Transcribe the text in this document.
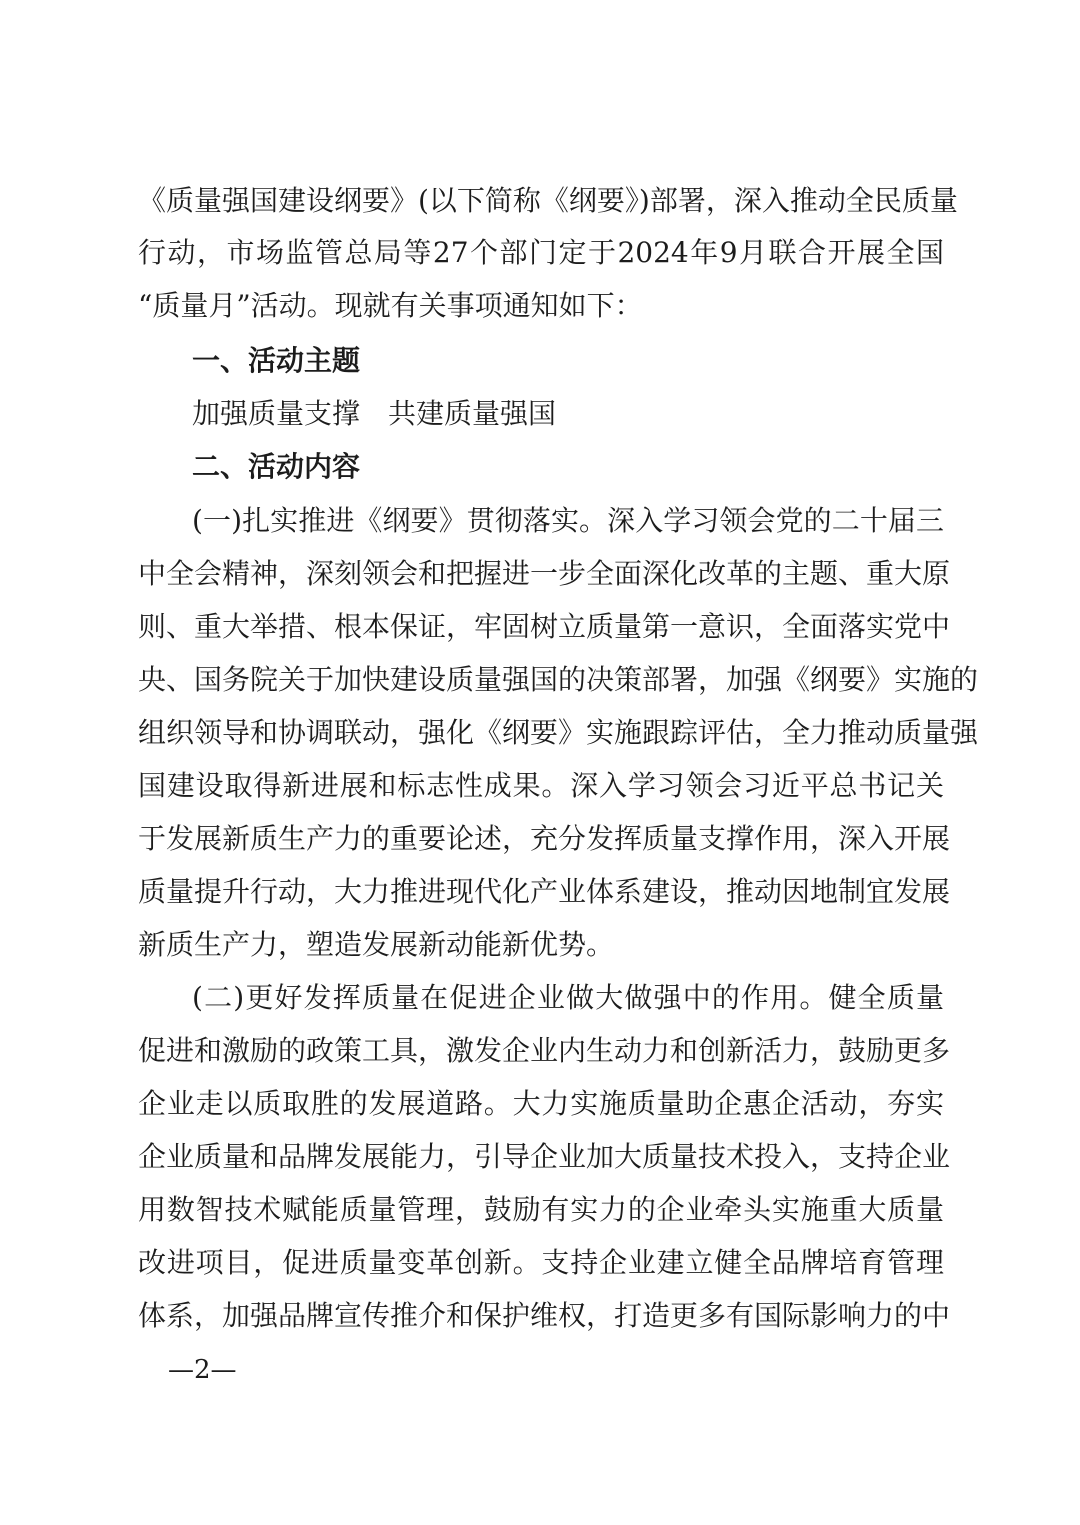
《质量强国建设纲要》(以下简称《纲要》)部署，深入推动全民质量
行动，市场监管总局等27个部门定于2024年9月联合开展全国
“质量月”活动。现就有关事项通知如下：
一、活动主题
加强质量支撑　共建质量强国
二、活动内容
(一)扎实推进《纲要》贯彻落实。深入学习领会党的二十届三
中全会精神，深刻领会和把握进一步全面深化改革的主题、重大原
则、重大举措、根本保证，牢固树立质量第一意识，全面落实党中
央、国务院关于加快建设质量强国的决策部署，加强《纲要》实施的
组织领导和协调联动，强化《纲要》实施跟踪评估，全力推动质量强
国建设取得新进展和标志性成果。深入学习领会习近平总书记关
于发展新质生产力的重要论述，充分发挥质量支撑作用，深入开展
质量提升行动，大力推进现代化产业体系建设，推动因地制宜发展
新质生产力，塑造发展新动能新优势。
(二)更好发挥质量在促进企业做大做强中的作用。健全质量
促进和激励的政策工具，激发企业内生动力和创新活力，鼓励更多
企业走以质取胜的发展道路。大力实施质量助企惠企活动，夯实
企业质量和品牌发展能力，引导企业加大质量技术投入，支持企业
用数智技术赋能质量管理，鼓励有实力的企业牵头实施重大质量
改进项目，促进质量变革创新。支持企业建立健全品牌培育管理
体系，加强品牌宣传推介和保护维权，打造更多有国际影响力的中
—2—
